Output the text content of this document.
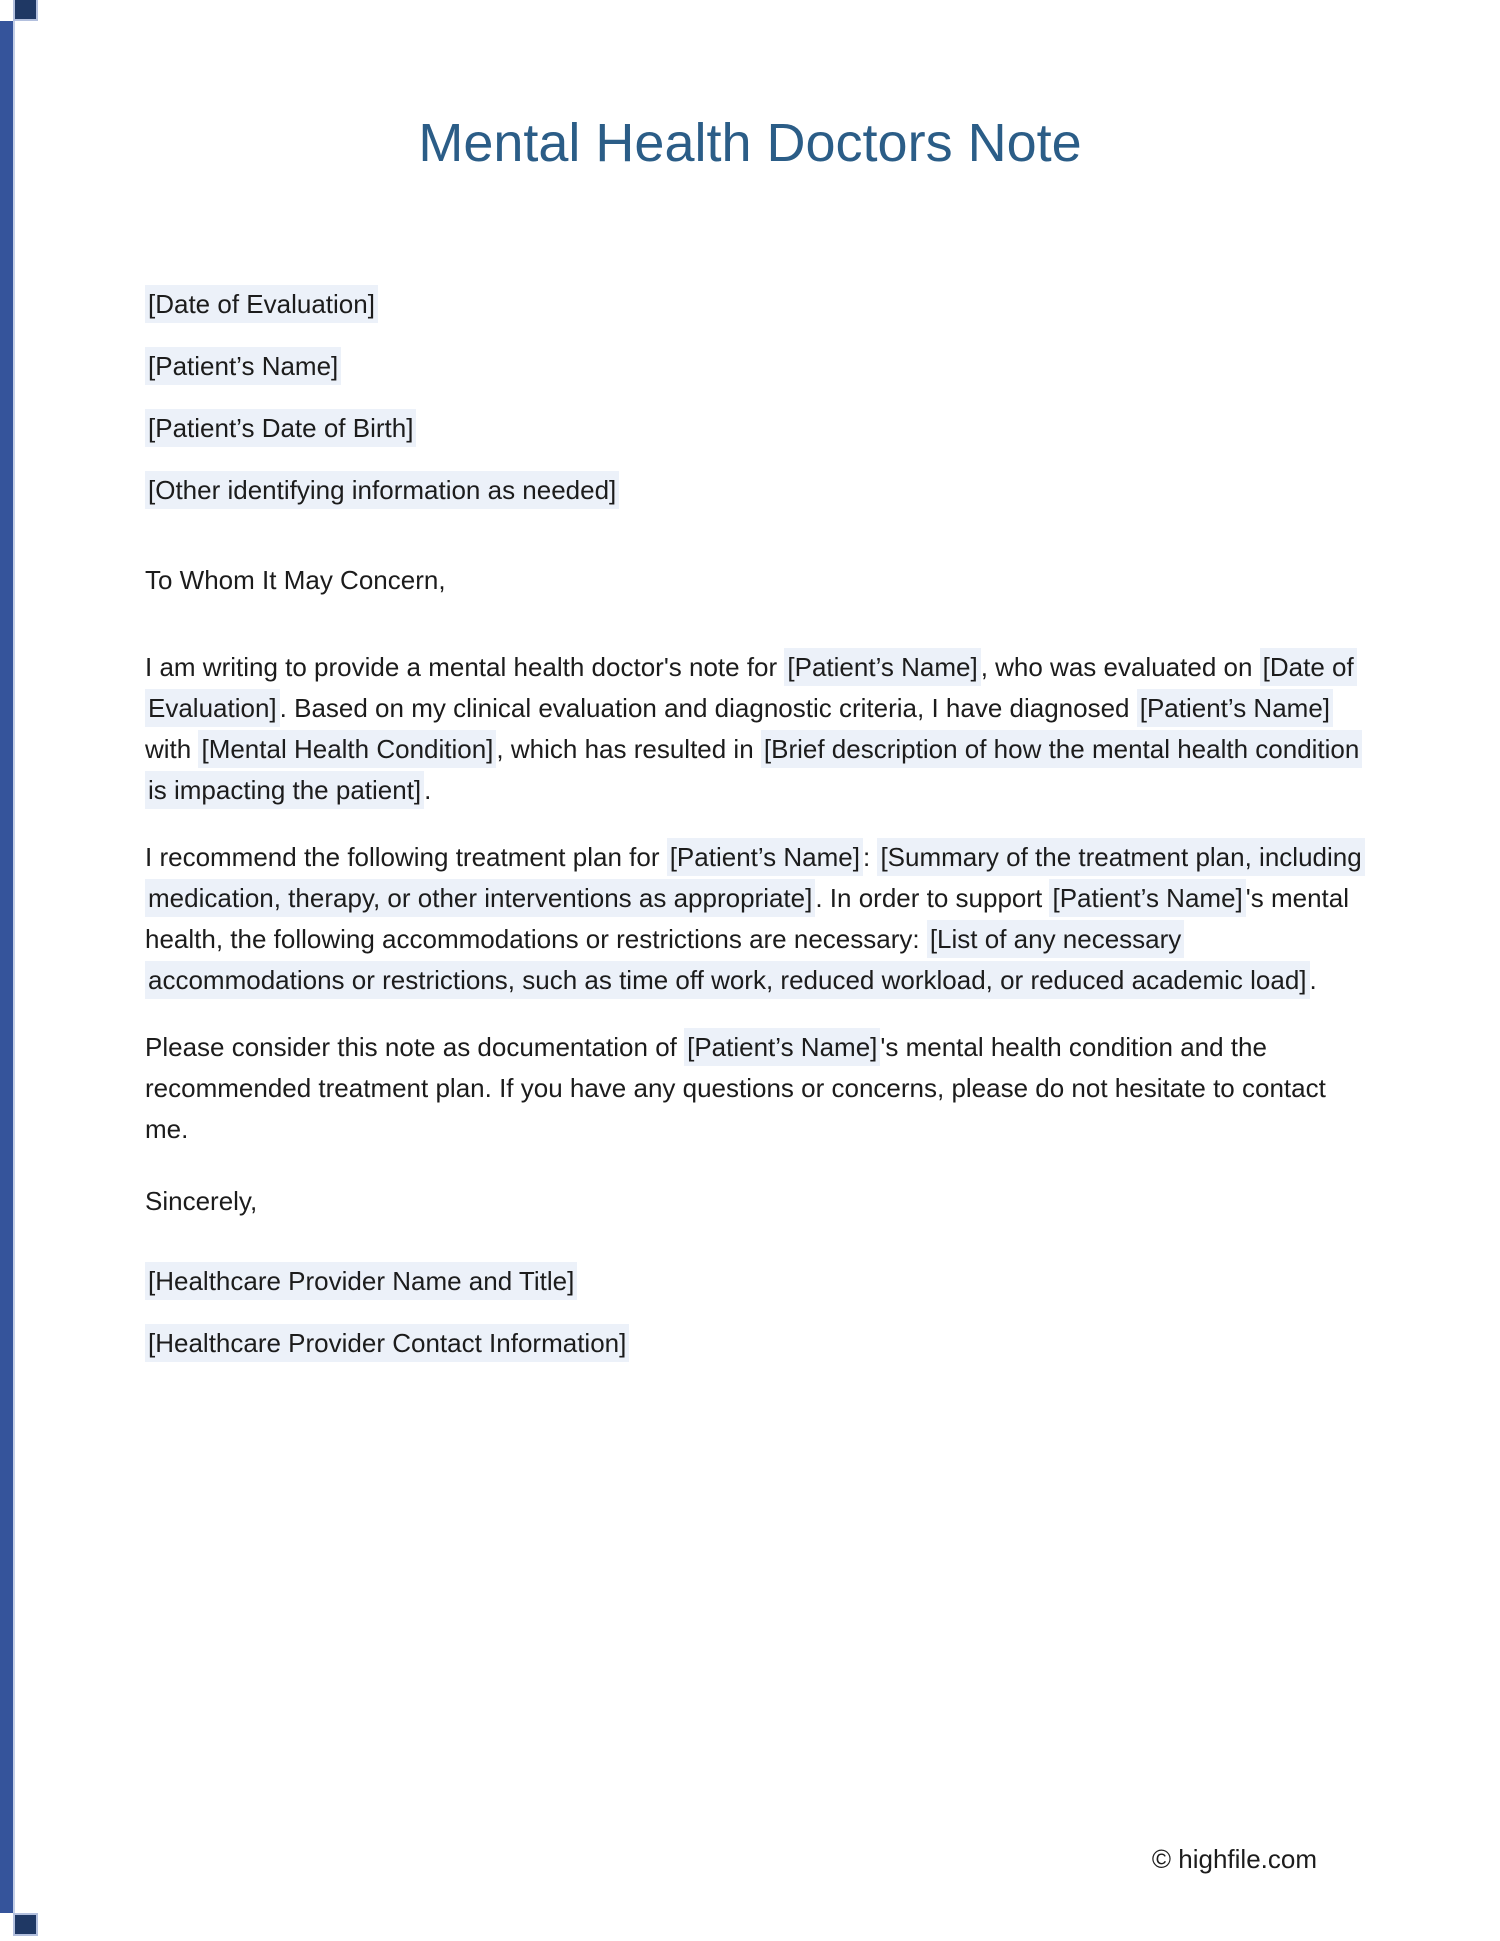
Mental Health Doctors Note

[Date of Evaluation]

[Patient’s Name]

[Patient’s Date of Birth]

[Other identifying information as needed]

To Whom It May Concern,

I am writing to provide a mental health doctor's note for [Patient’s Name] , who was evaluated on [Date of Evaluation] . Based on my clinical evaluation and diagnostic criteria, I have diagnosed [Patient’s Name] with [Mental Health Condition] , which has resulted in [Brief description of how the mental health condition is impacting the patient] .

I recommend the following treatment plan for [Patient’s Name] : [Summary of the treatment plan, including medication, therapy, or other interventions as appropriate] . In order to support [Patient’s Name] 's mental health, the following accommodations or restrictions are necessary: [List of any necessary accommodations or restrictions, such as time off work, reduced workload, or reduced academic load] .

Please consider this note as documentation of [Patient’s Name] 's mental health condition and the recommended treatment plan. If you have any questions or concerns, please do not hesitate to contact me.

Sincerely,

[Healthcare Provider Name and Title]

[Healthcare Provider Contact Information]

© highfile.com
